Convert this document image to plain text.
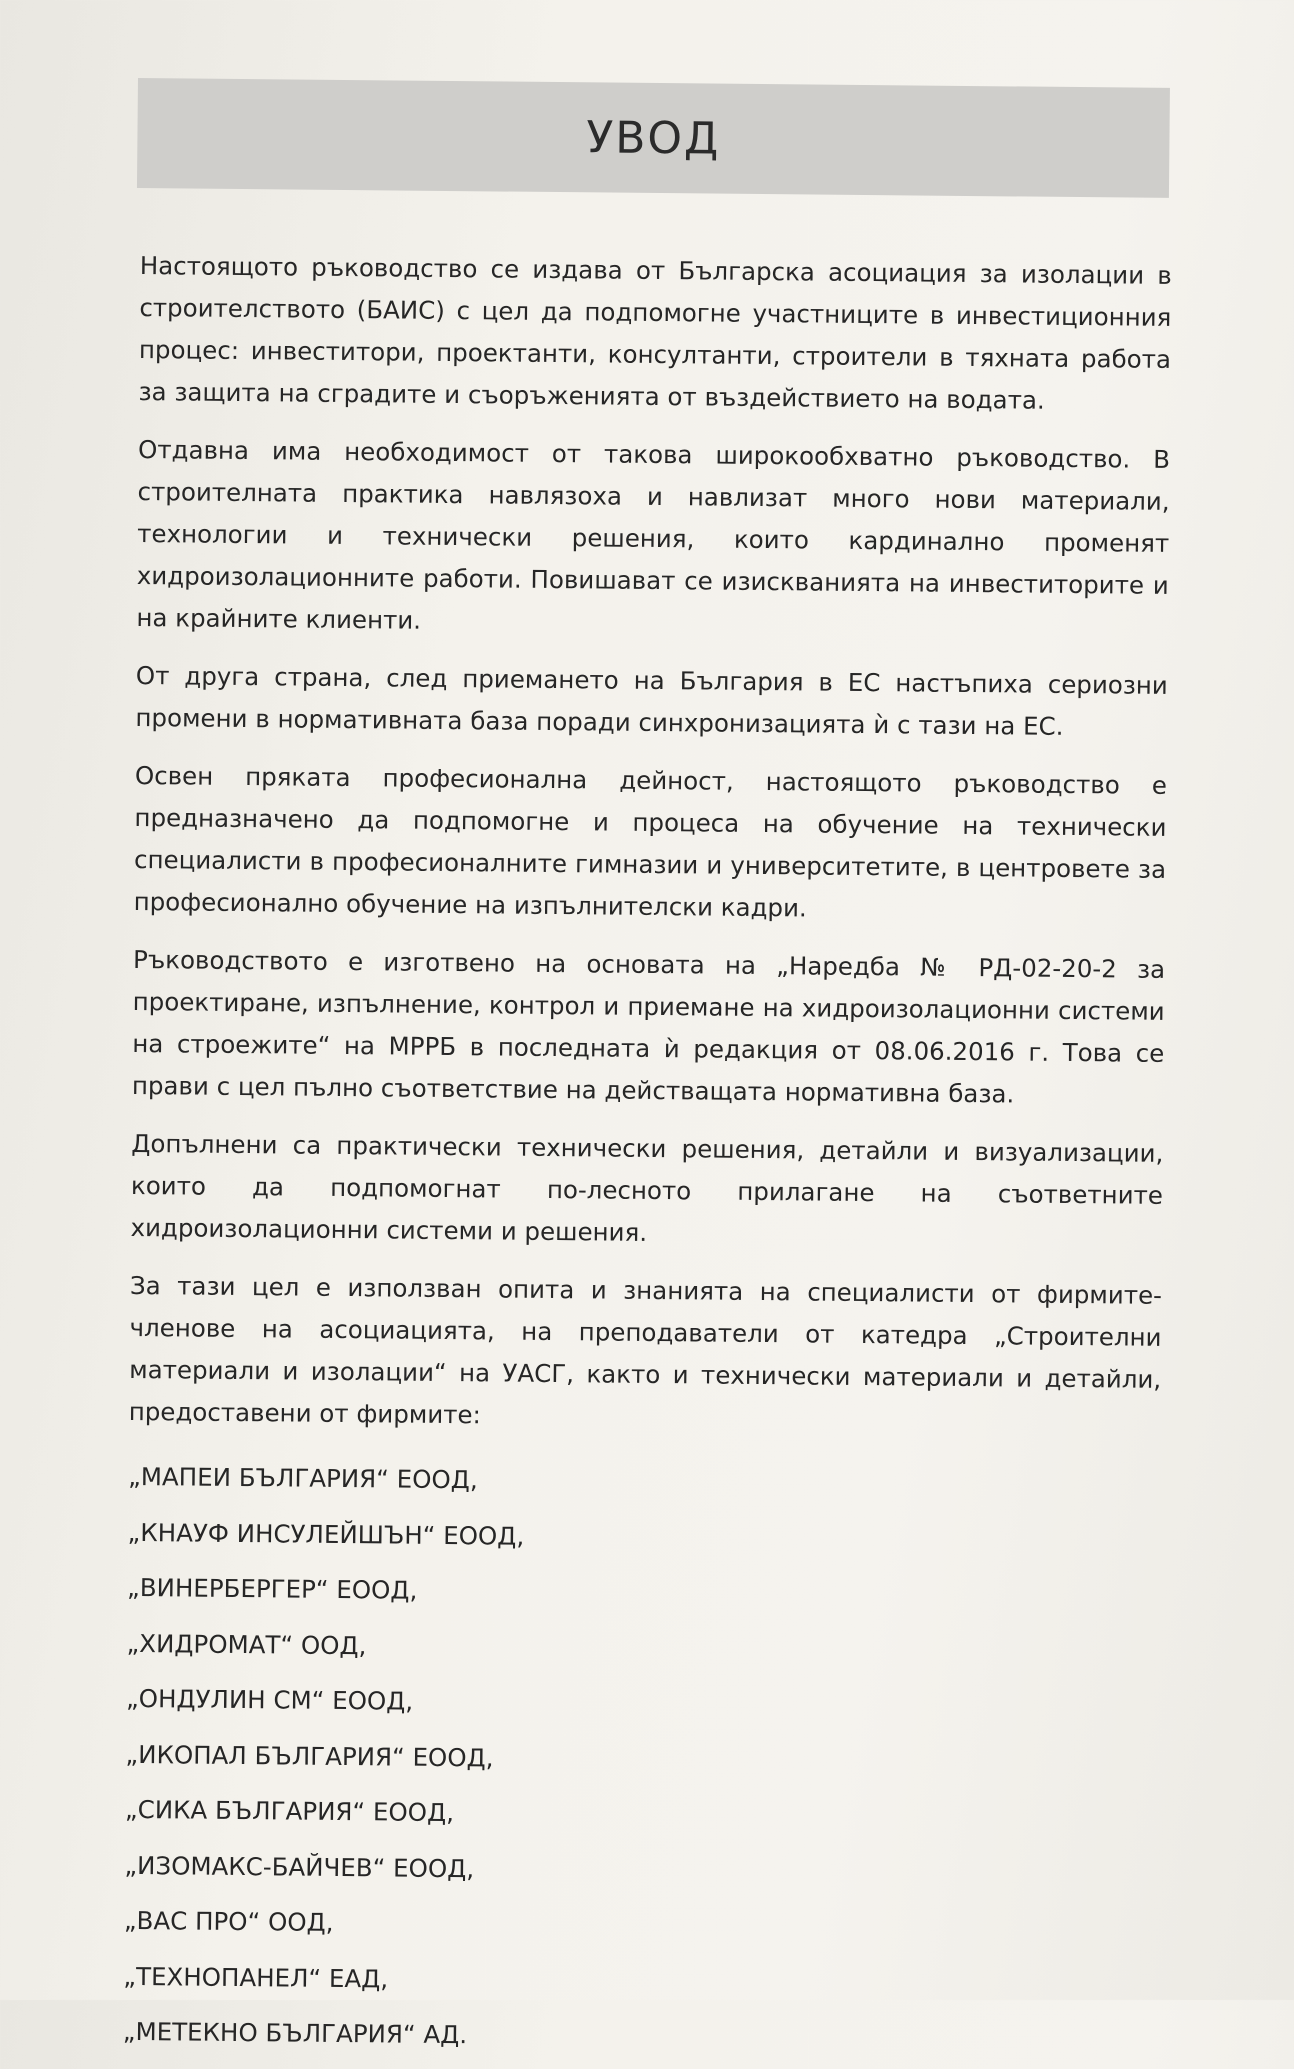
УВОД

Настоящото ръководство се издава от Българска асоциация за изолации в строителството (БАИС) с цел да подпомогне участниците в инвестиционния процес: инвеститори, проектанти, консултанти, строители в тяхната работа за защита на сградите и съоръженията от въздействието на водата.

Отдавна има необходимост от такова широкообхватно ръководство. В строителната практика навлязоха и навлизат много нови материали, технологии и технически решения, които кардинално променят хидроизолационните работи. Повишават се изискванията на инвеститорите и на крайните клиенти.

От друга страна, след приемането на България в ЕС настъпиха сериозни промени в нормативната база поради синхронизацията ѝ с тази на ЕС.

Освен пряката професионална дейност, настоящото ръководство е предназначено да подпомогне и процеса на обучение на технически специалисти в професионалните гимназии и университетите, в центровете за професионално обучение на изпълнителски кадри.

Ръководството е изготвено на основата на „Наредба № РД-02-20-2 за проектиране, изпълнение, контрол и приемане на хидроизолационни системи на строежите“ на МРРБ в последната ѝ редакция от 08.06.2016 г. Това се прави с цел пълно съответствие на действащата нормативна база.

Допълнени са практически технически решения, детайли и визуализации, които да подпомогнат по-лесното прилагане на съответните хидроизолационни системи и решения.

За тази цел е използван опита и знанията на специалисти от фирмите-членове на асоциацията, на преподаватели от катедра „Строителни материали и изолации“ на УАСГ, както и технически материали и детайли, предоставени от фирмите:

„МАПЕИ БЪЛГАРИЯ“ ЕООД,
„КНАУФ ИНСУЛЕЙШЪН“ ЕООД,
„ВИНЕРБЕРГЕР“ ЕООД,
„ХИДРОМАТ“ ООД,
„ОНДУЛИН СМ“ ЕООД,
„ИКОПАЛ БЪЛГАРИЯ“ ЕООД,
„СИКА БЪЛГАРИЯ“ ЕООД,
„ИЗОМАКС-БАЙЧЕВ“ ЕООД,
„ВАС ПРО“ ООД,
„ТЕХНОПАНЕЛ“ ЕАД,
„МЕТЕКНО БЪЛГАРИЯ“ АД.
